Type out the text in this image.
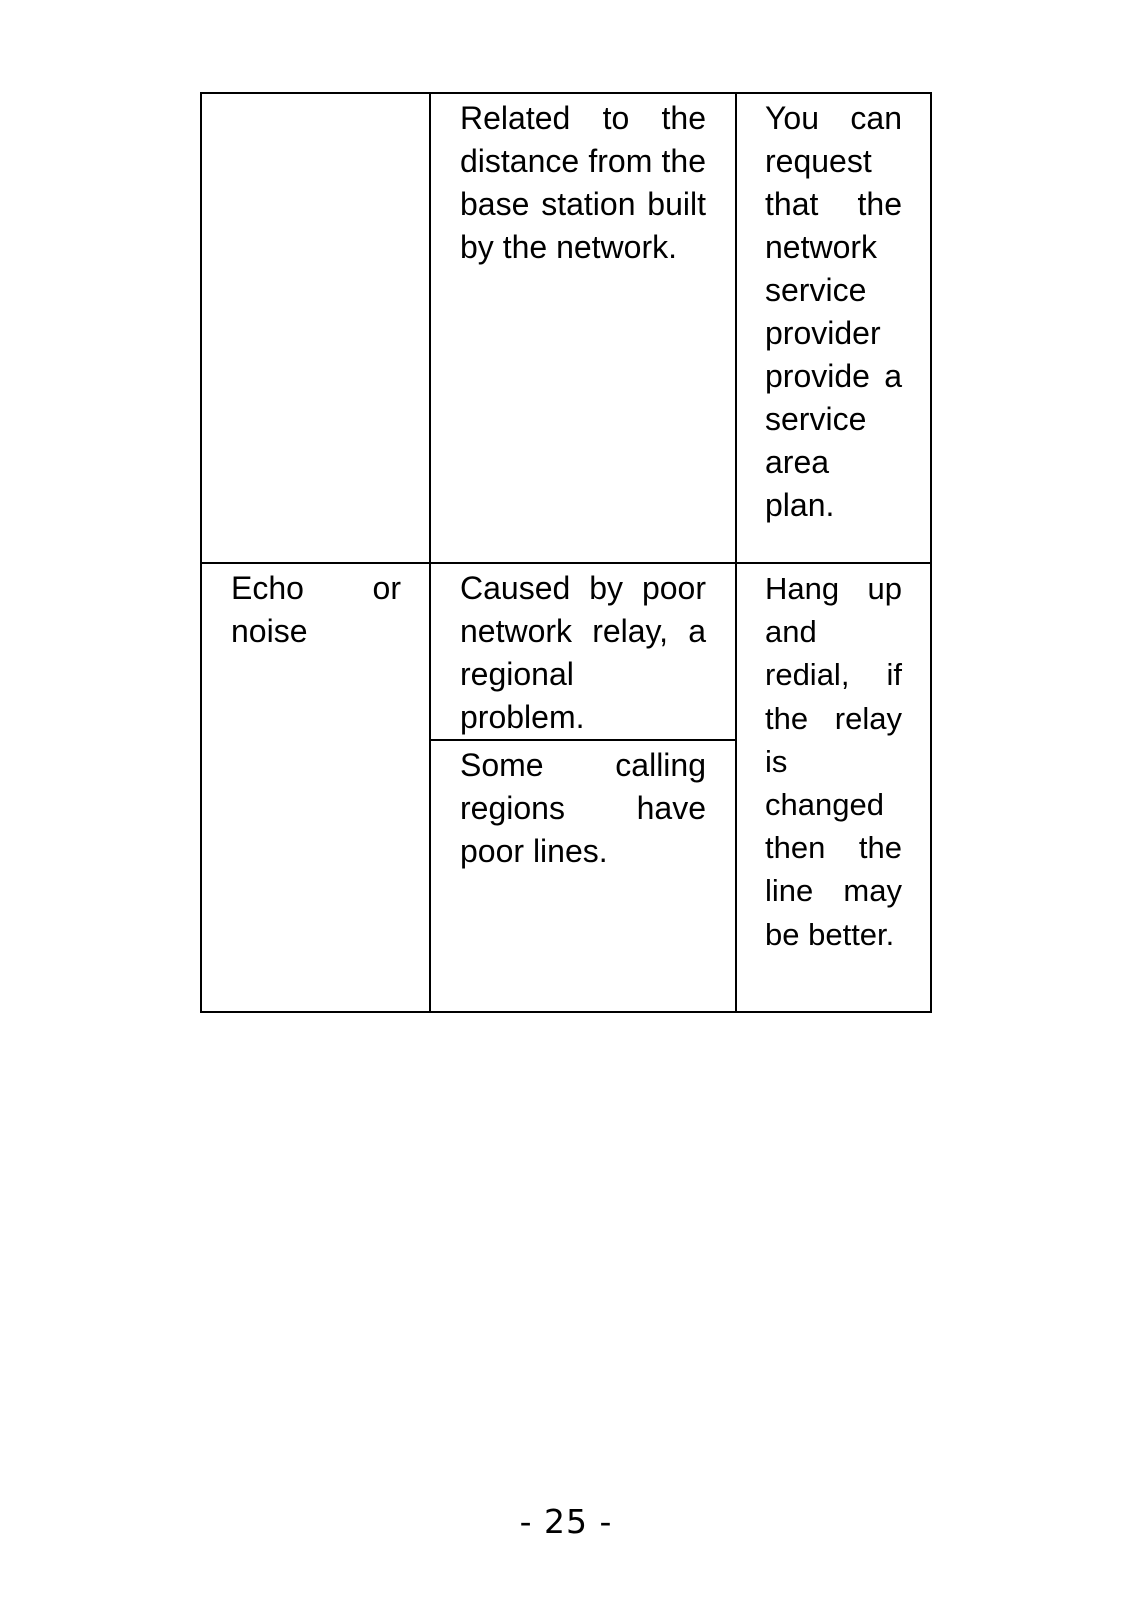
	Related to the distance from the base station built by the network.	You can request that the network service provider provide a service area plan.

Echo or noise	Caused by poor network relay, a regional problem.	Hang up and redial, if the relay is changed then the line may be better.

	Some calling regions have poor lines.	
- 25 -
